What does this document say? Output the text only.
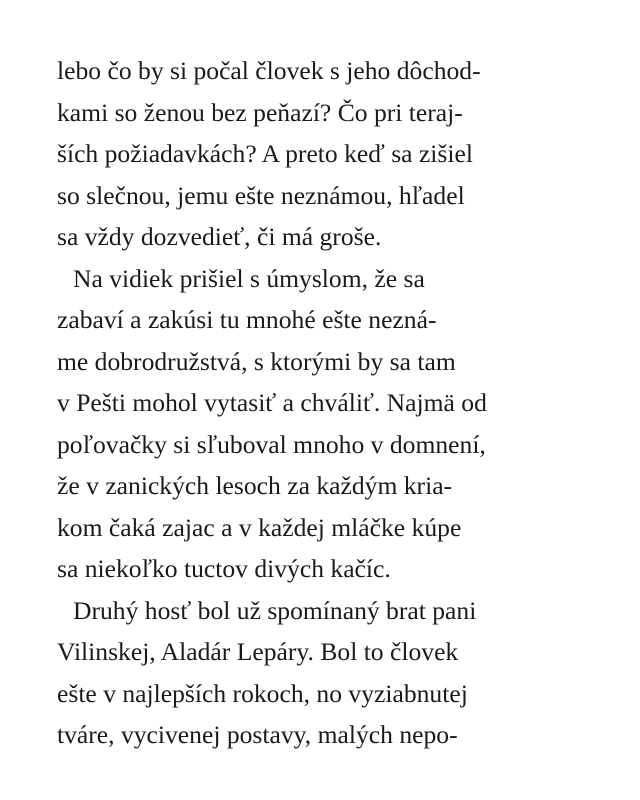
lebo čo by si počal človek s jeho dôchod-
kami so ženou bez peňazí? Čo pri teraj-
ších požiadavkách? A preto keď sa zišiel
so slečnou, jemu ešte neznámou, hľadel
sa vždy dozvedieť, či má groše.
Na vidiek prišiel s úmyslom, že sa
zabaví a zakúsi tu mnohé ešte nezná-
me dobrodružstvá, s ktorými by sa tam
v Pešti mohol vytasiť a chváliť. Najmä od
poľovačky si sľuboval mnoho v domnení,
že v zanických lesoch za každým kria-
kom čaká zajac a v každej mláčke kúpe
sa niekoľko tuctov divých kačíc.
Druhý hosť bol už spomínaný brat pani
Vilinskej, Aladár Lepáry. Bol to človek
ešte v najlepších rokoch, no vyziabnutej
tváre, vycivenej postavy, malých nepo-
